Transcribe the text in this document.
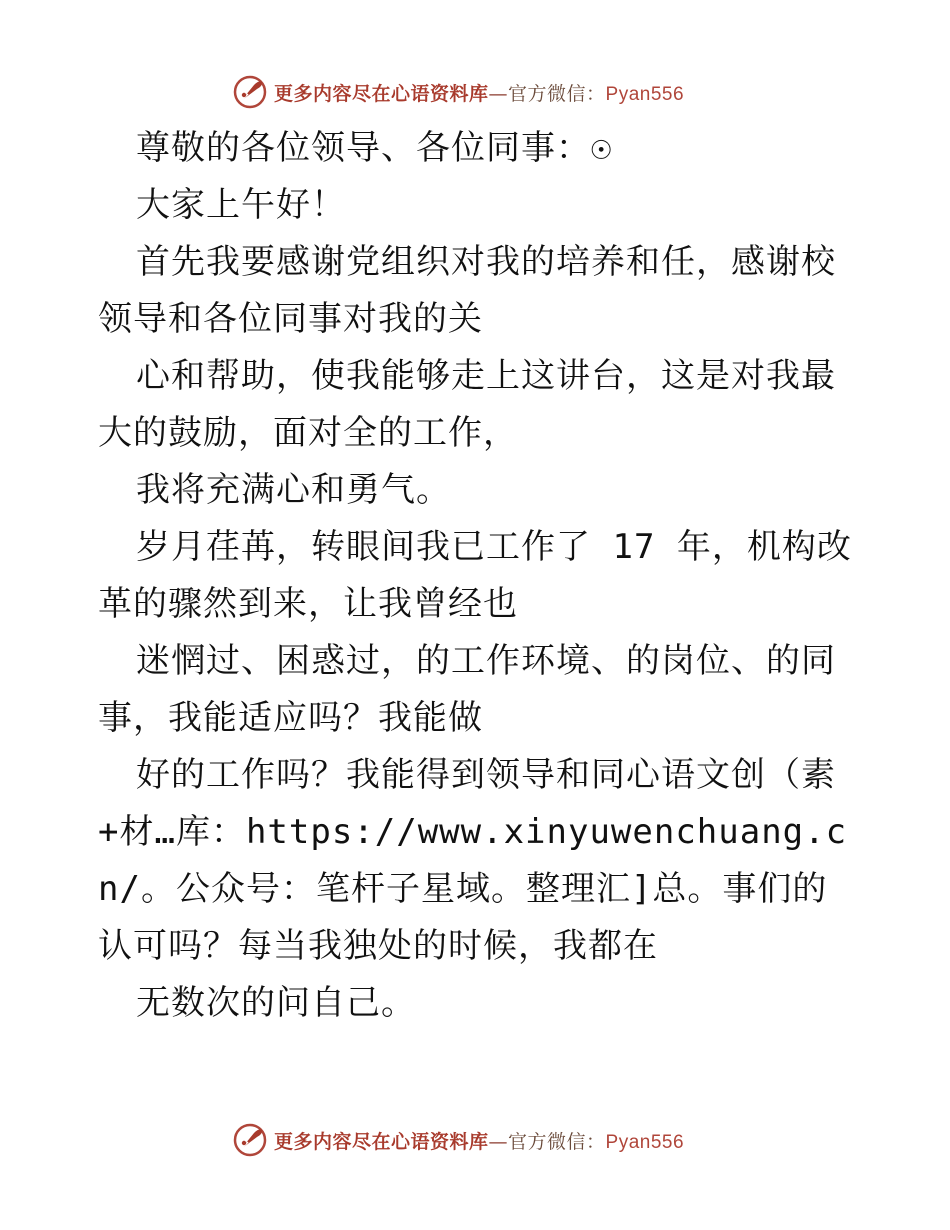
更多内容尽在心语资料库—官方微信：Pyan556

尊敬的各位领导、各位同事：☉

大家上午好！

首先我要感谢党组织对我的培养和任，感谢校领导和各位同事对我的关

心和帮助，使我能够走上这讲台，这是对我最大的鼓励，面对全的工作，

我将充满心和勇气。

岁月荏苒，转眼间我已工作了 17 年，机构改革的骤然到来，让我曾经也

迷惘过、困惑过，的工作环境、的岗位、的同事，我能适应吗？我能做

好的工作吗？我能得到领导和同心语文创（素+材…库：https://www.xinyuwenchuang.cn/。公众号：笔杆子星域。整理汇]总。事们的认可吗？每当我独处的时候，我都在

无数次的问自己。

更多内容尽在心语资料库—官方微信：Pyan556
